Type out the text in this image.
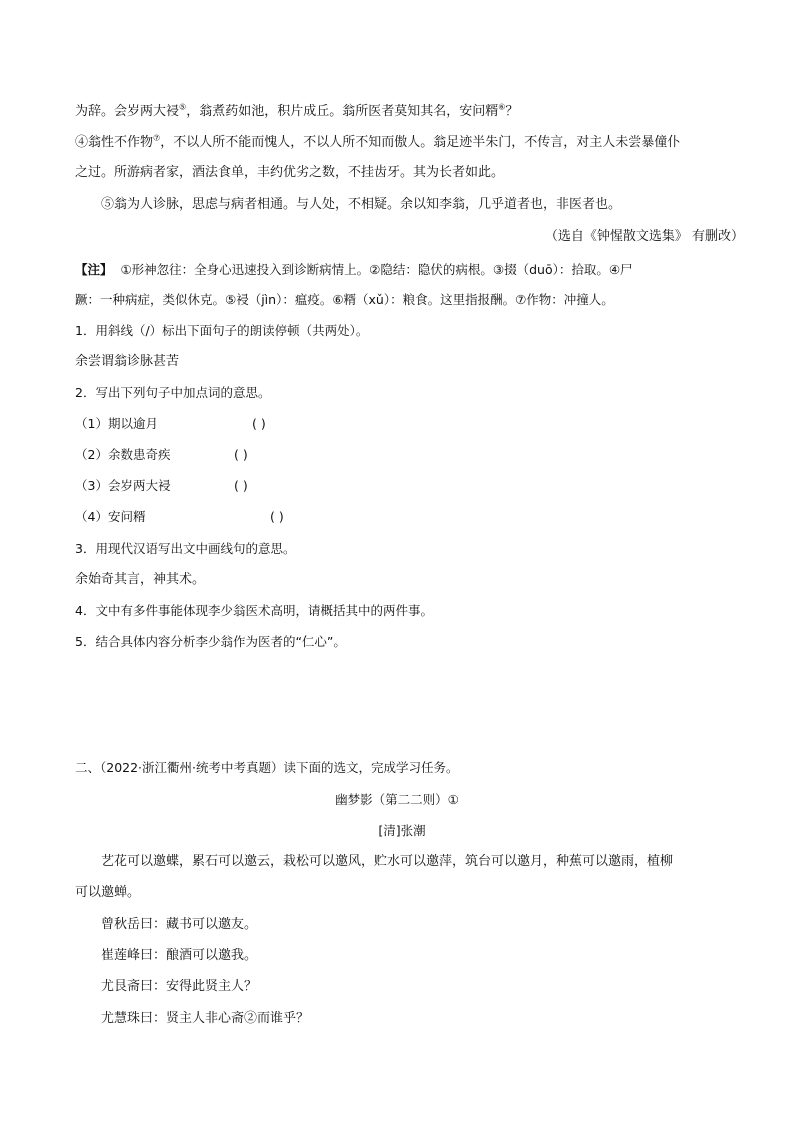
为辞。会岁两大祲⑤，翁煮药如池，积片成丘。翁所医者莫知其名，安问糈⑥？
④翁性不作物⑦，不以人所不能而愧人，不以人所不知而傲人。翁足迹半朱门，不传言，对主人未尝暴僮仆
之过。所游病者家，酒法食单，丰约优劣之数，不挂齿牙。其为长者如此。
⑤翁为人诊脉，思虑与病者相通。与人处，不相疑。余以知李翁，几乎道者也，非医者也。
（选自《钟惺散文选集》 有删改）
【注】 ①形神忽往：全身心迅速投入到诊断病情上。②隐结：隐伏的病根。③掇（duō）：拾取。④尸
蹶：一种病症，类似休克。⑤祲（jìn）：瘟疫。⑥糈（xǔ）：粮食。这里指报酬。⑦作物：冲撞人。
1．用斜线（/）标出下面句子的朗读停顿（共两处）。
余尝谓翁诊脉甚苦
2．写出下列句子中加点词的意思。
（1）期以逾月	( )
（2）余数患奇疾	( )
（3）会岁两大祲	( )
（4）安问糈	( )
3．用现代汉语写出文中画线句的意思。
余始奇其言，神其术。
4．文中有多件事能体现李少翁医术高明，请概括其中的两件事。
5．结合具体内容分析李少翁作为医者的“仁心”。
二、（2022·浙江衢州·统考中考真题）读下面的选文，完成学习任务。
幽梦影（第二二则）①
[清]张潮
艺花可以邀蝶，累石可以邀云，栽松可以邀风，贮水可以邀萍，筑台可以邀月，种蕉可以邀雨，植柳
可以邀蝉。
曾秋岳曰：藏书可以邀友。
崔莲峰曰：酿酒可以邀我。
尤艮斋曰：安得此贤主人？
尤慧珠曰：贤主人非心斋②而谁乎？
